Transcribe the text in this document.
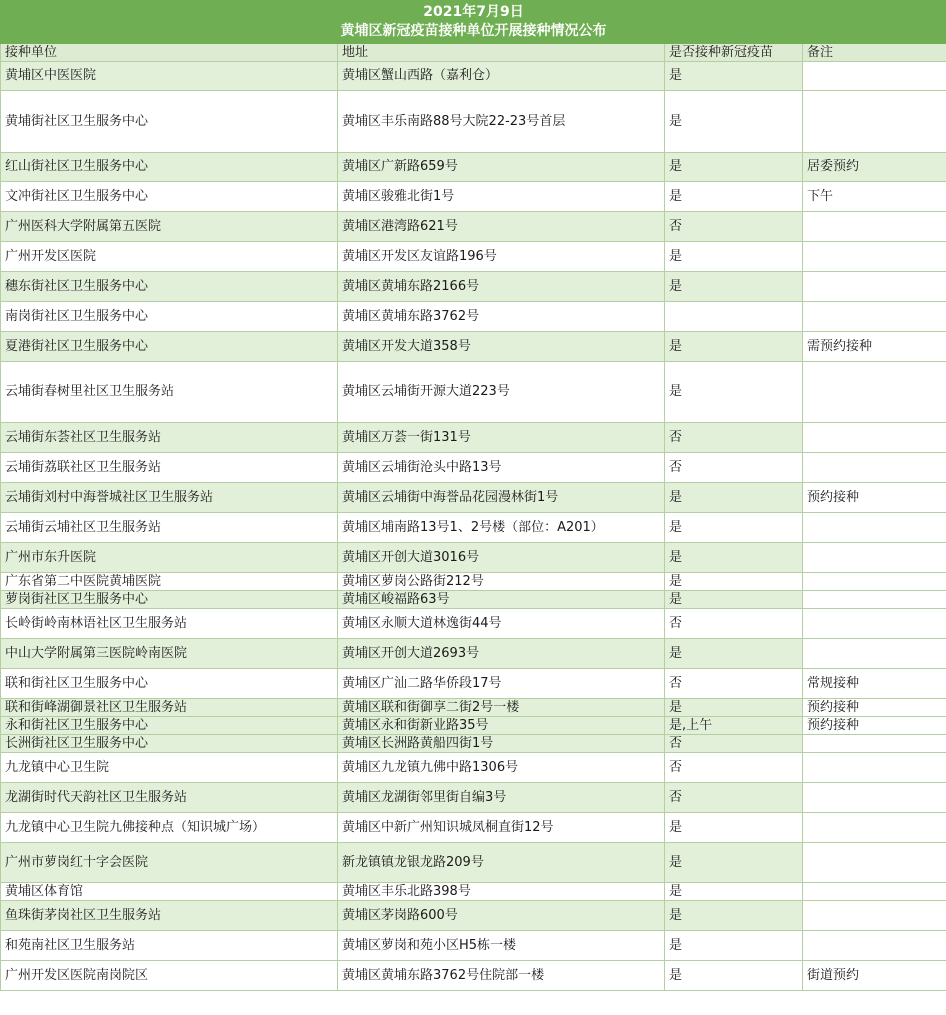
2021年7月9日
黄埔区新冠疫苗接种单位开展接种情况公布			

接种单位	地址	是否接种新冠疫苗	备注
黄埔区中医医院	黄埔区蟹山西路（嘉利仓）	是	
黄埔街社区卫生服务中心	黄埔区丰乐南路88号大院22-23号首层	是	
红山街社区卫生服务中心	黄埔区广新路659号	是	居委预约
文冲街社区卫生服务中心	黄埔区骏雅北街1号	是	下午
广州医科大学附属第五医院	黄埔区港湾路621号	否	
广州开发区医院	黄埔区开发区友谊路196号	是	
穗东街社区卫生服务中心	黄埔区黄埔东路2166号	是	
南岗街社区卫生服务中心	黄埔区黄埔东路3762号		
夏港街社区卫生服务中心	黄埔区开发大道358号	是	需预约接种
云埔街春树里社区卫生服务站	黄埔区云埔街开源大道223号	是	
云埔街东荟社区卫生服务站	黄埔区万荟一街131号	否	
云埔街荔联社区卫生服务站	黄埔区云埔街沧头中路13号	否	
云埔街刘村中海誉城社区卫生服务站	黄埔区云埔街中海誉品花园漫林街1号	是	预约接种
云埔街云埔社区卫生服务站	黄埔区埔南路13号1、2号楼（部位：A201）	是	
广州市东升医院	黄埔区开创大道3016号	是	
广东省第二中医院黄埔医院	黄埔区萝岗公路街212号	是	
萝岗街社区卫生服务中心	黄埔区峻福路63号	是	
长岭街岭南林语社区卫生服务站	黄埔区永顺大道林逸街44号	否	
中山大学附属第三医院岭南医院	黄埔区开创大道2693号	是	
联和街社区卫生服务中心	黄埔区广汕二路华侨段17号	否	常规接种
联和街峰湖御景社区卫生服务站	黄埔区联和街御享二街2号一楼	是	预约接种
永和街社区卫生服务中心	黄埔区永和街新业路35号	是,上午	预约接种
长洲街社区卫生服务中心	黄埔区长洲路黄船四街1号	否	
九龙镇中心卫生院	黄埔区九龙镇九佛中路1306号	否	
龙湖街时代天韵社区卫生服务站	黄埔区龙湖街邻里街自编3号	否	
九龙镇中心卫生院九佛接种点（知识城广场）	黄埔区中新广州知识城凤桐直街12号	是	
广州市萝岗红十字会医院	新龙镇镇龙银龙路209号	是	
黄埔区体育馆	黄埔区丰乐北路398号	是	
鱼珠街茅岗社区卫生服务站	黄埔区茅岗路600号	是	
和苑南社区卫生服务站	黄埔区萝岗和苑小区H5栋一楼	是	
广州开发区医院南岗院区	黄埔区黄埔东路3762号住院部一楼	是	街道预约
